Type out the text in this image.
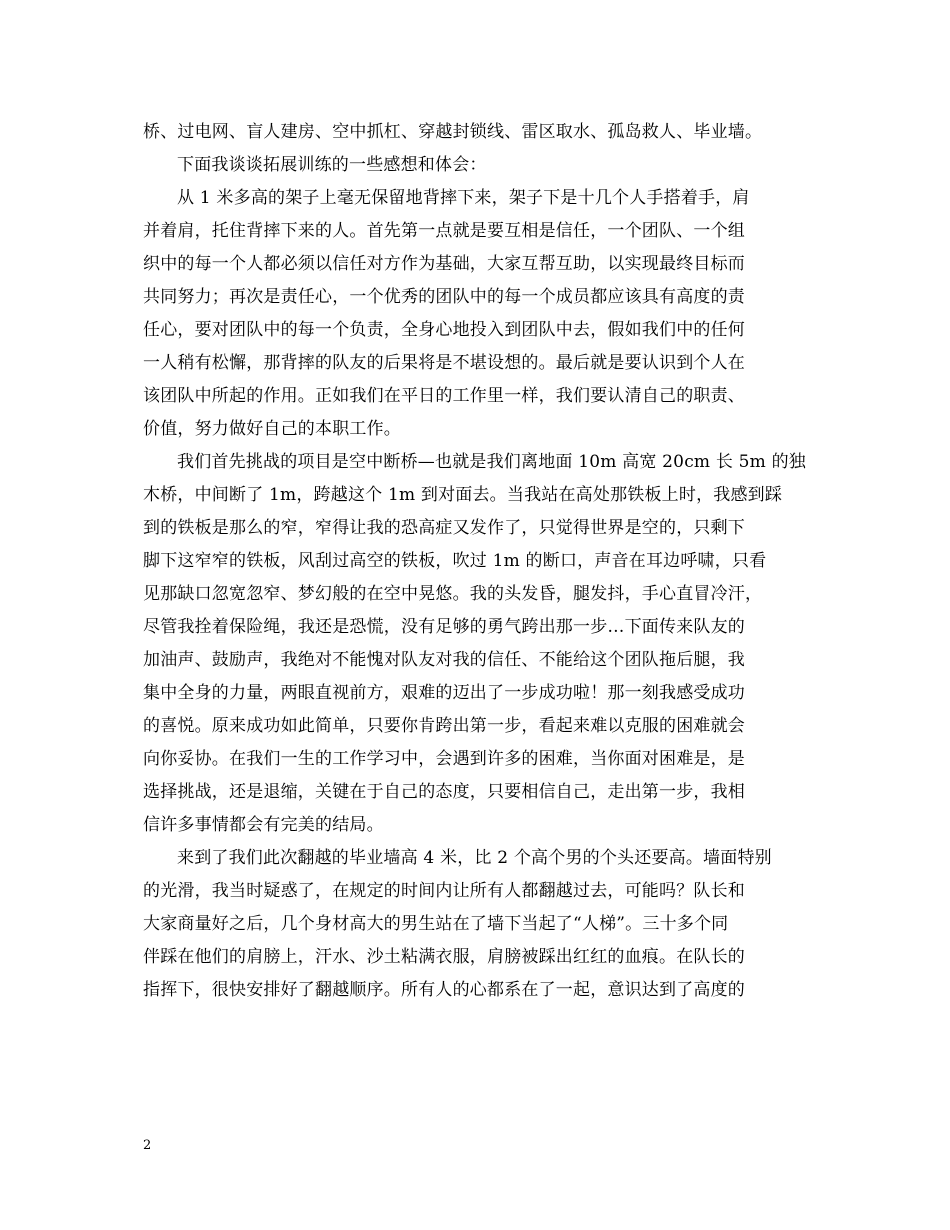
桥、过电网、盲人建房、空中抓杠、穿越封锁线、雷区取水、孤岛救人、毕业墙。
下面我谈谈拓展训练的一些感想和体会：
从 1 米多高的架子上毫无保留地背摔下来，架子下是十几个人手搭着手，肩
并着肩，托住背摔下来的人。首先第一点就是要互相是信任，一个团队、一个组
织中的每一个人都必须以信任对方作为基础，大家互帮互助，以实现最终目标而
共同努力；再次是责任心，一个优秀的团队中的每一个成员都应该具有高度的责
任心，要对团队中的每一个负责，全身心地投入到团队中去，假如我们中的任何
一人稍有松懈，那背摔的队友的后果将是不堪设想的。最后就是要认识到个人在
该团队中所起的作用。正如我们在平日的工作里一样，我们要认清自己的职责、
价值，努力做好自己的本职工作。
我们首先挑战的项目是空中断桥—也就是我们离地面 10m 高宽 20cm 长 5m 的独
木桥，中间断了 1m，跨越这个 1m 到对面去。当我站在高处那铁板上时，我感到踩
到的铁板是那么的窄，窄得让我的恐高症又发作了，只觉得世界是空的，只剩下
脚下这窄窄的铁板，风刮过高空的铁板，吹过 1m 的断口，声音在耳边呼啸，只看
见那缺口忽宽忽窄、梦幻般的在空中晃悠。我的头发昏，腿发抖，手心直冒冷汗，
尽管我拴着保险绳，我还是恐慌，没有足够的勇气跨出那一步…下面传来队友的
加油声、鼓励声，我绝对不能愧对队友对我的信任、不能给这个团队拖后腿，我
集中全身的力量，两眼直视前方，艰难的迈出了一步成功啦！那一刻我感受成功
的喜悦。原来成功如此简单，只要你肯跨出第一步，看起来难以克服的困难就会
向你妥协。在我们一生的工作学习中，会遇到许多的困难，当你面对困难是，是
选择挑战，还是退缩，关键在于自己的态度，只要相信自己，走出第一步，我相
信许多事情都会有完美的结局。
来到了我们此次翻越的毕业墙高 4 米，比 2 个高个男的个头还要高。墙面特别
的光滑，我当时疑惑了，在规定的时间内让所有人都翻越过去，可能吗？队长和
大家商量好之后，几个身材高大的男生站在了墙下当起了“人梯”。三十多个同
伴踩在他们的肩膀上，汗水、沙土粘满衣服，肩膀被踩出红红的血痕。在队长的
指挥下，很快安排好了翻越顺序。所有人的心都系在了一起，意识达到了高度的
2
